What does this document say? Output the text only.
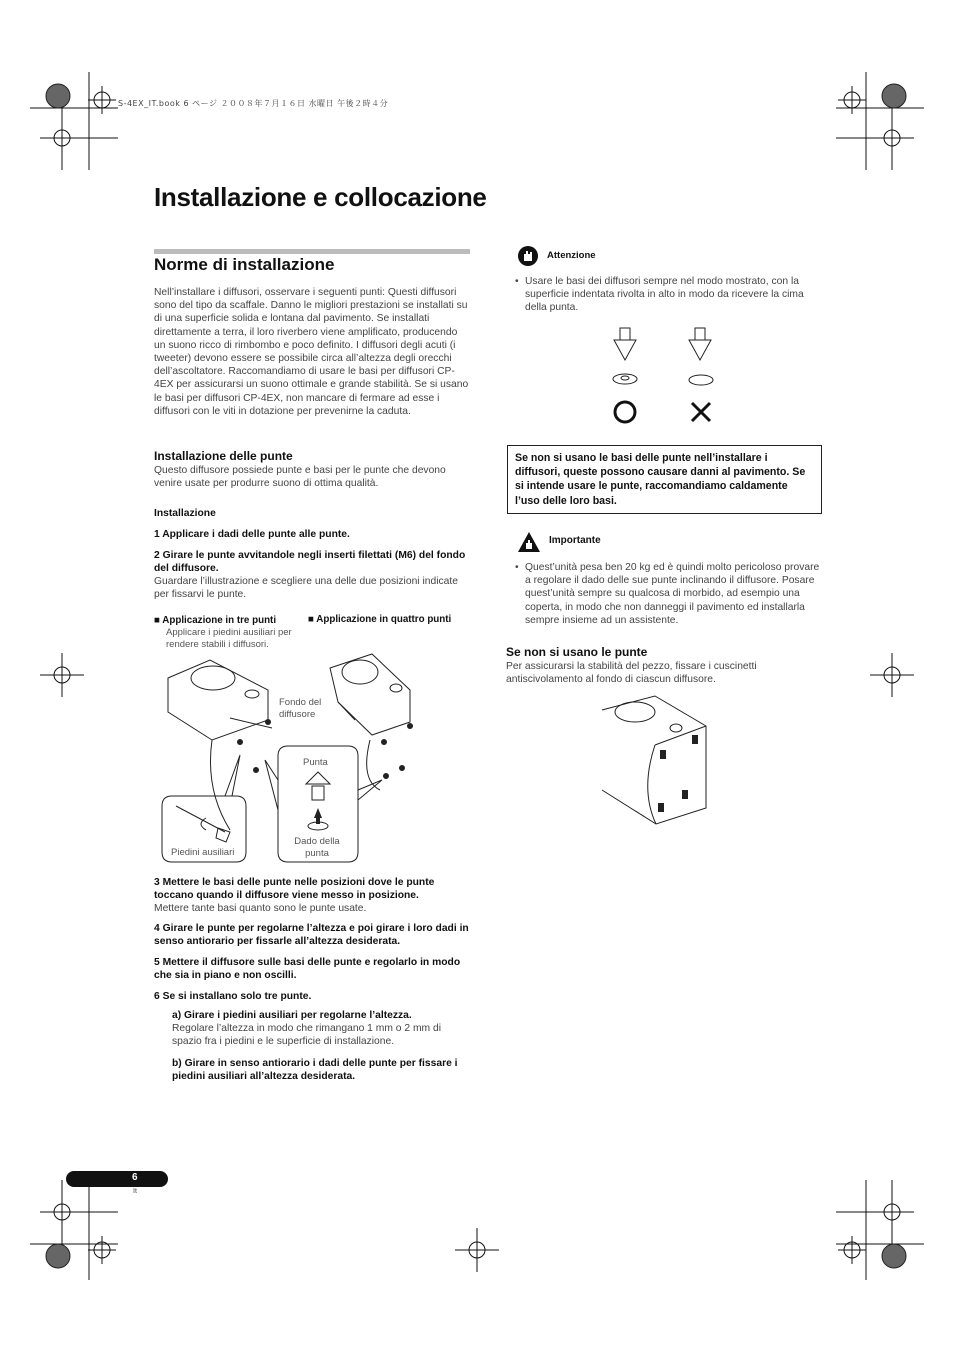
S-4EX_IT.book 6 ページ ２００８年７月１６日 水曜日 午後２時４分
Installazione e collocazione
Norme di installazione

Nell’installare i diffusori, osservare i seguenti punti: Questi diffusori sono del tipo da scaffale. Danno le migliori prestazioni se installati su di una superficie solida e lontana dal pavimento. Se installati direttamente a terra, il loro riverbero viene amplificato, producendo un suono ricco di rimbombo e poco definito. I diffusori degli acuti (i tweeter) devono essere se possibile circa all’altezza degli orecchi dell’ascoltatore. Raccomandiamo di usare le basi per diffusori CP-4EX per assicurarsi un suono ottimale e grande stabilità. Se si usano le basi per diffusori CP-4EX, non mancare di fermare ad esse i diffusori con le viti in dotazione per prevenirne la caduta.

Installazione delle punte

Questo diffusore possiede punte e basi per le punte che devono venire usate per produrre suono di ottima qualità.

Installazione

1 Applicare i dadi delle punte alle punte.

2 Girare le punte avvitandole negli inserti filettati (M6) del fondo del diffusore.

Guardare l’illustrazione e scegliere una delle due posizioni indicate per fissarvi le punte.

■ Applicazione in tre punti

Applicare i piedini ausiliari per rendere stabili i diffusori.

■ Applicazione in quattro punti
Fondo del diffusore
Punta
Dado della punta
Piedini ausiliari

3 Mettere le basi delle punte nelle posizioni dove le punte toccano quando il diffusore viene messo in posizione.

Mettere tante basi quanto sono le punte usate.

4 Girare le punte per regolarne l’altezza e poi girare i loro dadi in senso antiorario per fissarle all’altezza desiderata.

5 Mettere il diffusore sulle basi delle punte e regolarlo in modo che sia in piano e non oscilli.

6 Se si installano solo tre punte.

a) Girare i piedini ausiliari per regolarne l’altezza.

Regolare l’altezza in modo che rimangano 1 mm o 2 mm di spazio fra i piedini e le superficie di installazione.

b) Girare in senso antiorario i dadi delle punte per fissare i piedini ausiliari all’altezza desiderata.

Attenzione
• Usare le basi dei diffusori sempre nel modo mostrato, con la superficie indentata rivolta in alto in modo da ricevere la cima della punta.

Se non si usano le basi delle punte nell’installare i diffusori, queste possono causare danni al pavimento. Se si intende usare le punte, raccomandiamo caldamente l’uso delle loro basi.

Importante
• Quest’unità pesa ben 20 kg ed è quindi molto pericoloso provare a regolare il dado delle sue punte inclinando il diffusore. Posare quest’unità sempre su qualcosa di morbido, ad esempio una coperta, in modo che non danneggi il pavimento ed installarla sempre insieme ad un assistente.

Se non si usano le punte

Per assicurarsi la stabilità del pezzo, fissare i cuscinetti antiscivolamento al fondo di ciascun diffusore.

6
It
